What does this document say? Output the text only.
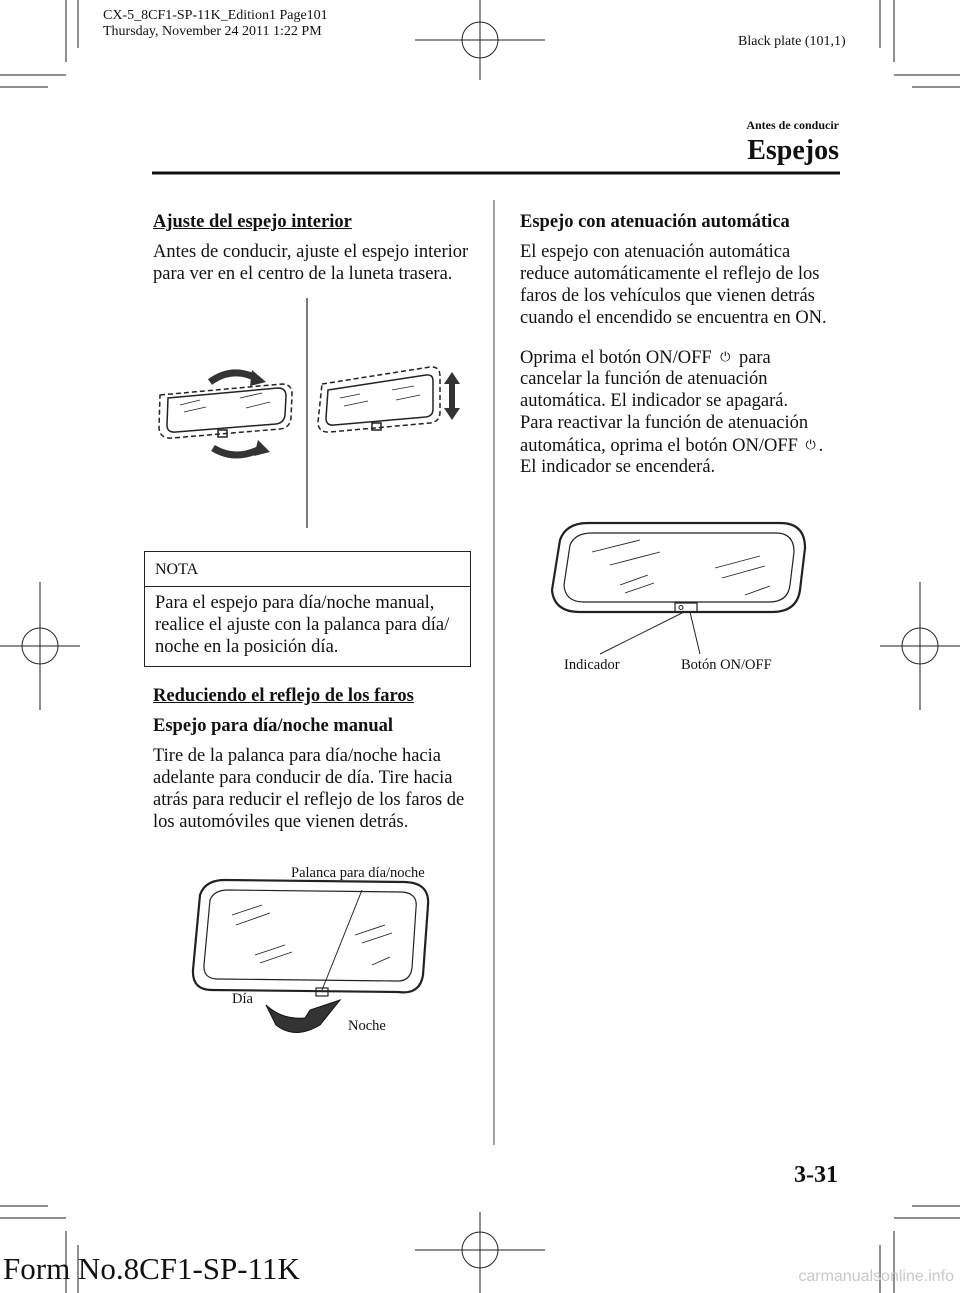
CX-5_8CF1-SP-11K_Edition1 Page101
Thursday, November 24 2011 1:22 PM
Black plate (101,1)
Antes de conducir
Espejos
Ajuste del espejo interior
Antes de conducir, ajuste el espejo interior
para ver en el centro de la luneta trasera.
NOTA
Para el espejo para día/noche manual,
realice el ajuste con la palanca para día/
noche en la posición día.
Reduciendo el reflejo de los faros
Espejo para día/noche manual
Tire de la palanca para día/noche hacia
adelante para conducir de día. Tire hacia
atrás para reducir el reflejo de los faros de
los automóviles que vienen detrás.
Palanca para día/noche
Día
Noche
Espejo con atenuación automática
El espejo con atenuación automática
reduce automáticamente el reflejo de los
faros de los vehículos que vienen detrás
cuando el encendido se encuentra en ON.
Oprima el botón ON/OFF ⏻ para
cancelar la función de atenuación
automática. El indicador se apagará.
Para reactivar la función de atenuación
automática, oprima el botón ON/OFF ⏻ .
El indicador se encenderá.
Indicador	Botón ON/OFF
3-31
Form No.8CF1-SP-11K	carmanualsonline.info
